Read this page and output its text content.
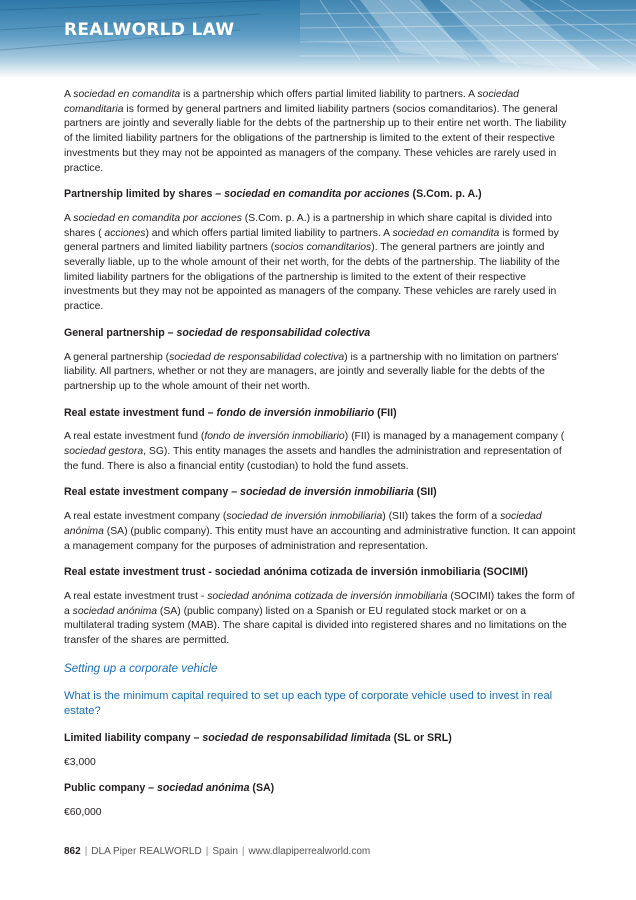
REALWORLD LAW

A sociedad en comandita is a partnership which offers partial limited liability to partners. A sociedad comanditaria is formed by general partners and limited liability partners (socios comanditarios). The general partners are jointly and severally liable for the debts of the partnership up to their entire net worth. The liability of the limited liability partners for the obligations of the partnership is limited to the extent of their respective investments but they may not be appointed as managers of the company. These vehicles are rarely used in practice.

Partnership limited by shares – sociedad en comandita por acciones (S.Com. p. A.)

A sociedad en comandita por acciones (S.Com. p. A.) is a partnership in which share capital is divided into shares ( acciones) and which offers partial limited liability to partners. A sociedad en comandita is formed by general partners and limited liability partners (socios comanditarios). The general partners are jointly and severally liable, up to the whole amount of their net worth, for the debts of the partnership. The liability of the limited liability partners for the obligations of the partnership is limited to the extent of their respective investments but they may not be appointed as managers of the company. These vehicles are rarely used in practice.

General partnership – sociedad de responsabilidad colectiva

A general partnership (sociedad de responsabilidad colectiva) is a partnership with no limitation on partners' liability. All partners, whether or not they are managers, are jointly and severally liable for the debts of the partnership up to the whole amount of their net worth.

Real estate investment fund – fondo de inversión inmobiliario (FII)

A real estate investment fund (fondo de inversión inmobiliario) (FII) is managed by a management company ( sociedad gestora, SG). This entity manages the assets and handles the administration and representation of the fund. There is also a financial entity (custodian) to hold the fund assets.

Real estate investment company – sociedad de inversión inmobiliaria (SII)

A real estate investment company (sociedad de inversión inmobiliaria) (SII) takes the form of a sociedad anónima (SA) (public company). This entity must have an accounting and administrative function. It can appoint a management company for the purposes of administration and representation.

Real estate investment trust - sociedad anónima cotizada de inversión inmobiliaria (SOCIMI)

A real estate investment trust - sociedad anónima cotizada de inversión inmobiliaria (SOCIMI) takes the form of a sociedad anónima (SA) (public company) listed on a Spanish or EU regulated stock market or on a multilateral trading system (MAB). The share capital is divided into registered shares and no limitations on the transfer of the shares are permitted.

Setting up a corporate vehicle
What is the minimum capital required to set up each type of corporate vehicle used to invest in real estate?
Limited liability company – sociedad de responsabilidad limitada (SL or SRL)

€3,000

Public company – sociedad anónima (SA)

€60,000

862 | DLA Piper REALWORLD | Spain | www.dlapiperrealworld.com
